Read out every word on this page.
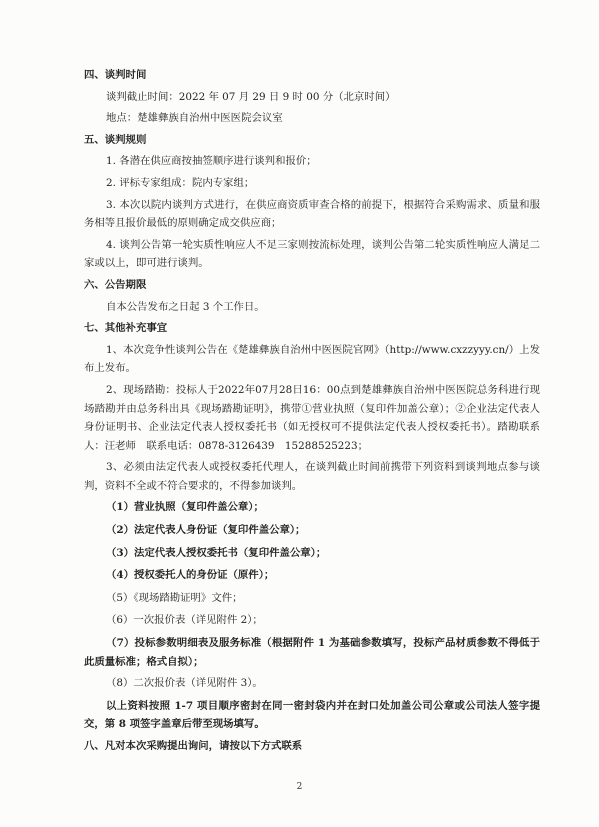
四、谈判时间

谈判截止时间：2022 年 07 月 29 日 9 时 00 分（北京时间）

地点：楚雄彝族自治州中医医院会议室

五、谈判规则

1. 各潜在供应商按抽签顺序进行谈判和报价；

2. 评标专家组成：院内专家组；

3. 本次以院内谈判方式进行，在供应商资质审查合格的前提下，根据符合采购需求、质量和服务相等且报价最低的原则确定成交供应商；

4. 谈判公告第一轮实质性响应人不足三家则按流标处理，谈判公告第二轮实质性响应人满足二家或以上，即可进行谈判。

六、公告期限

自本公告发布之日起 3 个工作日。

七、其他补充事宜

1、本次竞争性谈判公告在《楚雄彝族自治州中医医院官网》（http://www.cxzzyyy.cn/）上发布上发布。

2、现场踏勘：投标人于2022年07月28日16：00点到楚雄彝族自治州中医医院总务科进行现场踏勘并由总务科出具《现场踏勘证明》，携带①营业执照（复印件加盖公章）；②企业法定代表人身份证明书、企业法定代表人授权委托书（如无授权可不提供法定代表人授权委托书）。踏勘联系人：汪老师　联系电话：0878-3126439　15288525223；

3、必须由法定代表人或授权委托代理人，在谈判截止时间前携带下列资料到谈判地点参与谈判，资料不全或不符合要求的，不得参加谈判。

（1）营业执照（复印件盖公章）；

（2）法定代表人身份证（复印件盖公章）；

（3）法定代表人授权委托书（复印件盖公章）；

（4）授权委托人的身份证（原件）；

（5）《现场踏勘证明》文件；

（6）一次报价表（详见附件 2）；

（7）投标参数明细表及服务标准（根据附件 1 为基础参数填写，投标产品材质参数不得低于此质量标准；格式自拟）；

（8）二次报价表（详见附件 3）。

以上资料按照 1-7 项目顺序密封在同一密封袋内并在封口处加盖公司公章或公司法人签字提交，第 8 项签字盖章后带至现场填写。

八、凡对本次采购提出询问，请按以下方式联系

2
